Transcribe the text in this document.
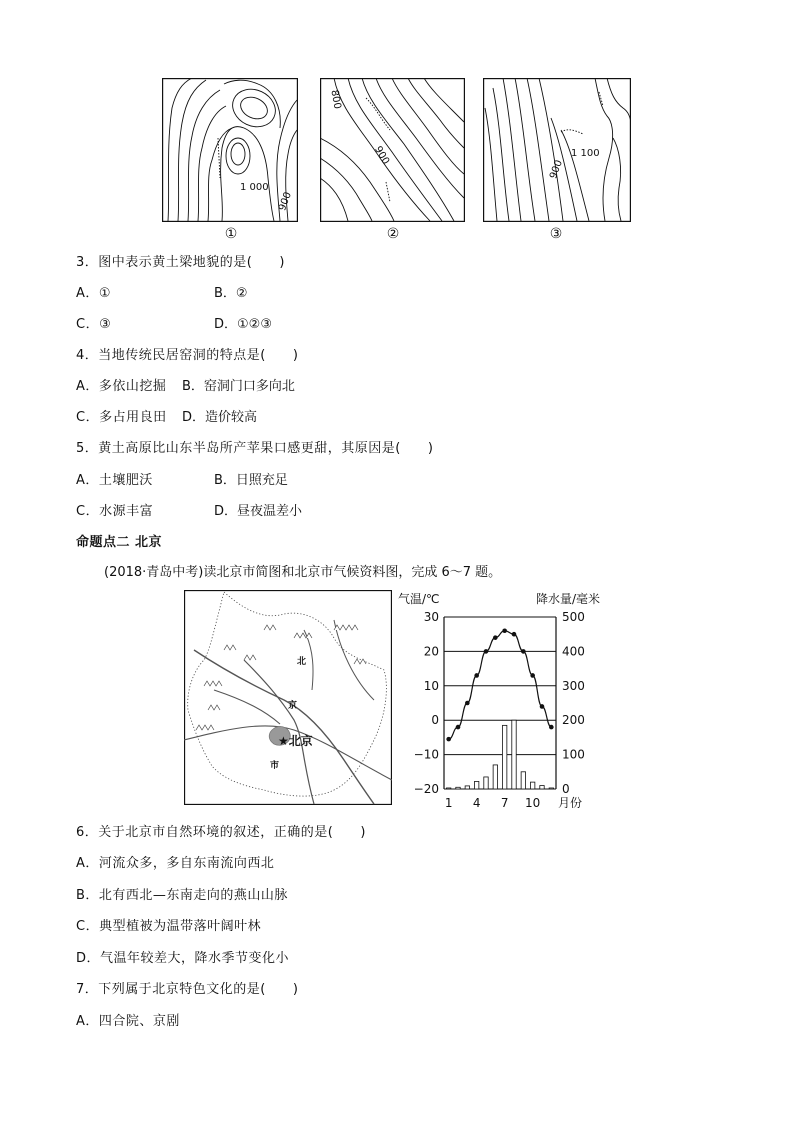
1 000
900
①
800
900
②
1 100
900
③
3．图中表示黄土梁地貌的是(　　)
A．①	B．②
C．③	D．①②③
4．当地传统民居窑洞的特点是(　　)
A．多依山挖掘 B．窑洞门口多向北
C．多占用良田 D．造价较高
5．黄土高原比山东半岛所产苹果口感更甜，其原因是(　　)
A．土壤肥沃	B．日照充足
C．水源丰富	D．昼夜温差小
命题点二 北京
(2018·青岛中考)读北京市简图和北京市气候资料图，完成 6～7 题。
北
京
市
★北京
气温/℃	降水量/毫米
30
20
10
0
−10
−20
500
400
300
200
100
0
1 4 7 10 月份
6．关于北京市自然环境的叙述，正确的是(　　)
A．河流众多，多自东南流向西北
B．北有西北—东南走向的燕山山脉
C．典型植被为温带落叶阔叶林
D．气温年较差大，降水季节变化小
7．下列属于北京特色文化的是(　　)
A．四合院、京剧
